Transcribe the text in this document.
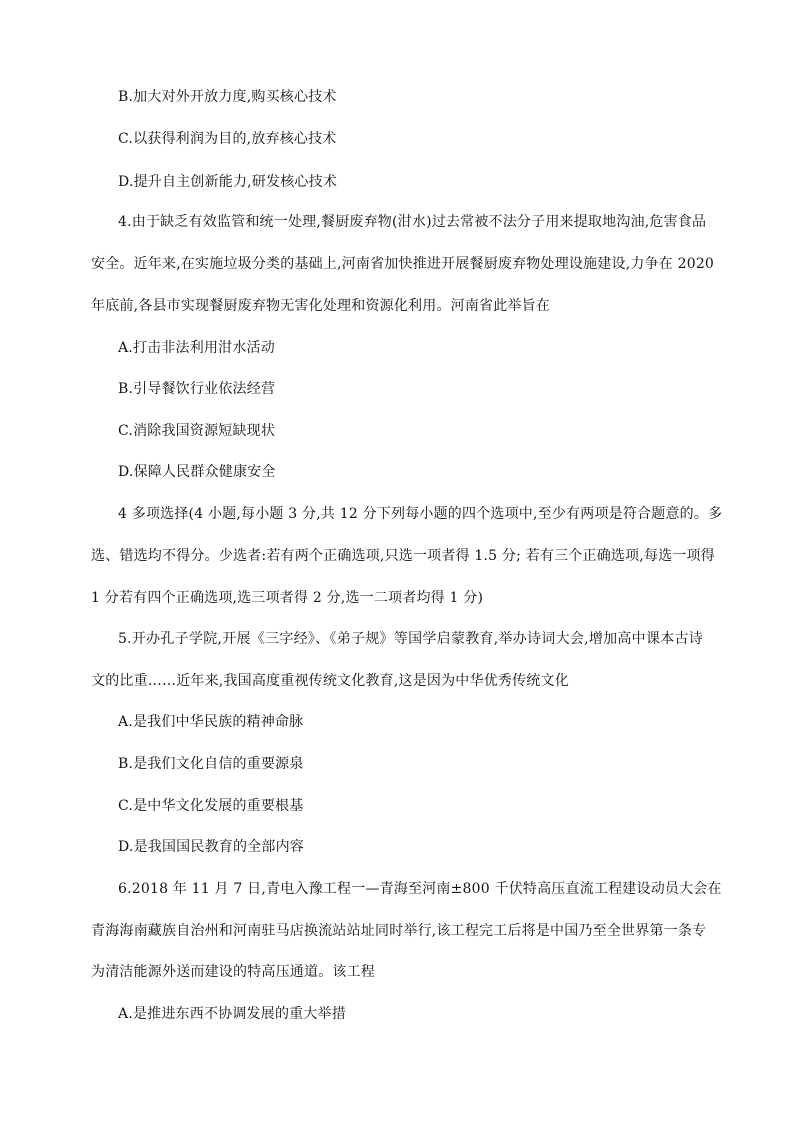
B.加大对外开放力度,购买核心技术
C.以获得利润为目的,放弃核心技术
D.提升自主创新能力,研发核心技术
4.由于缺乏有效监管和统一处理,餐厨废弃物(泔水)过去常被不法分子用来提取地沟油,危害食品
安全。近年来,在实施垃圾分类的基础上,河南省加快推进开展餐厨废弃物处理设施建设,力争在 2020
年底前,各县市实现餐厨废弃物无害化处理和资源化利用。河南省此举旨在
A.打击非法利用泔水活动
B.引导餐饮行业依法经营
C.消除我国资源短缺现状
D.保障人民群众健康安全
4 多项选择(4 小题,每小题 3 分,共 12 分下列每小题的四个选项中,至少有两项是符合题意的。多
选、错选均不得分。少选者:若有两个正确选项,只选一项者得 1.5 分; 若有三个正确选项,每选一项得
1 分若有四个正确选项,选三项者得 2 分,选一二项者均得 1 分)
5.开办孔子学院,开展《三字经》、《弟子规》等国学启蒙教育,举办诗词大会,增加高中课本古诗
文的比重……近年来,我国高度重视传统文化教育,这是因为中华优秀传统文化
A.是我们中华民族的精神命脉
B.是我们文化自信的重要源泉
C.是中华文化发展的重要根基
D.是我国国民教育的全部内容
6.2018 年 11 月 7 日,青电入豫工程一—青海至河南±800 千伏特高压直流工程建设动员大会在
青海海南藏族自治州和河南驻马店换流站站址同时举行,该工程完工后将是中国乃至全世界第一条专
为清洁能源外送而建设的特高压通道。该工程
A.是推进东西不协调发展的重大举措
